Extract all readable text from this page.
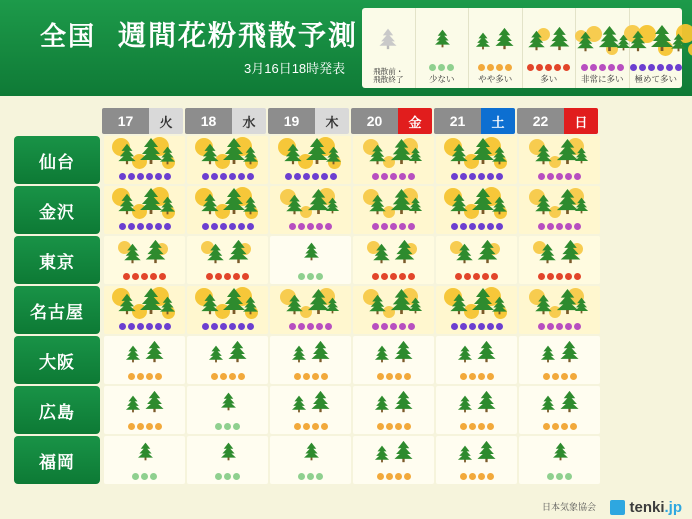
全国 週間花粉飛散予測
3月16日18時発表	飛散前・
飛散終了	少ない	やや多い	多い	非常に多い 極めて多い
17	火	18	水	19	木	20	金	21	土	22	日
仙台
金沢
東京
名古屋
大阪
広島
福岡
日本気象協会 tenki.jp
